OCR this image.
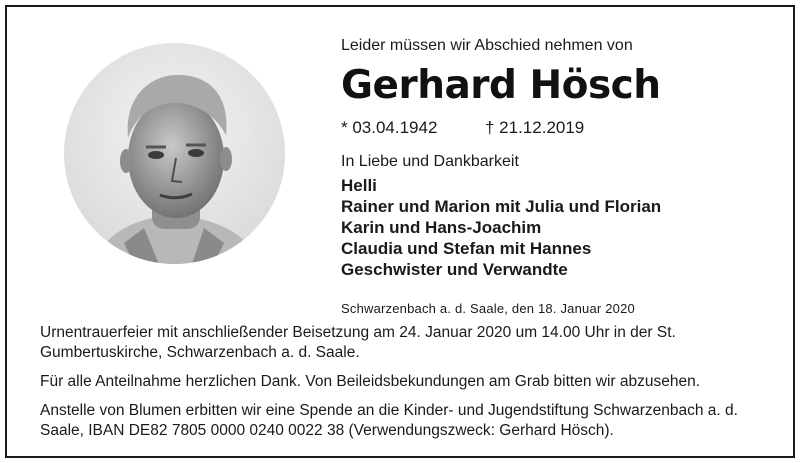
Leider müssen wir Abschied nehmen von

Gerhard Hösch
* 03.04.1942	† 21.12.2019
In Liebe und Dankbarkeit
Helli
Rainer und Marion mit Julia und Florian
Karin und Hans-Joachim
Claudia und Stefan mit Hannes
Geschwister und Verwandte
Schwarzenbach a. d. Saale, den 18. Januar 2020

Urnentrauerfeier mit anschließender Beisetzung am 24. Januar 2020 um 14.00 Uhr in der St. Gumbertuskirche, Schwarzenbach a. d. Saale.

Für alle Anteilnahme herzlichen Dank. Von Beileidsbekundungen am Grab bitten wir abzusehen.

Anstelle von Blumen erbitten wir eine Spende an die Kinder- und Jugendstiftung Schwarzenbach a. d. Saale, IBAN DE82 7805 0000 0240 0022 38 (Verwendungszweck: Gerhard Hösch).
